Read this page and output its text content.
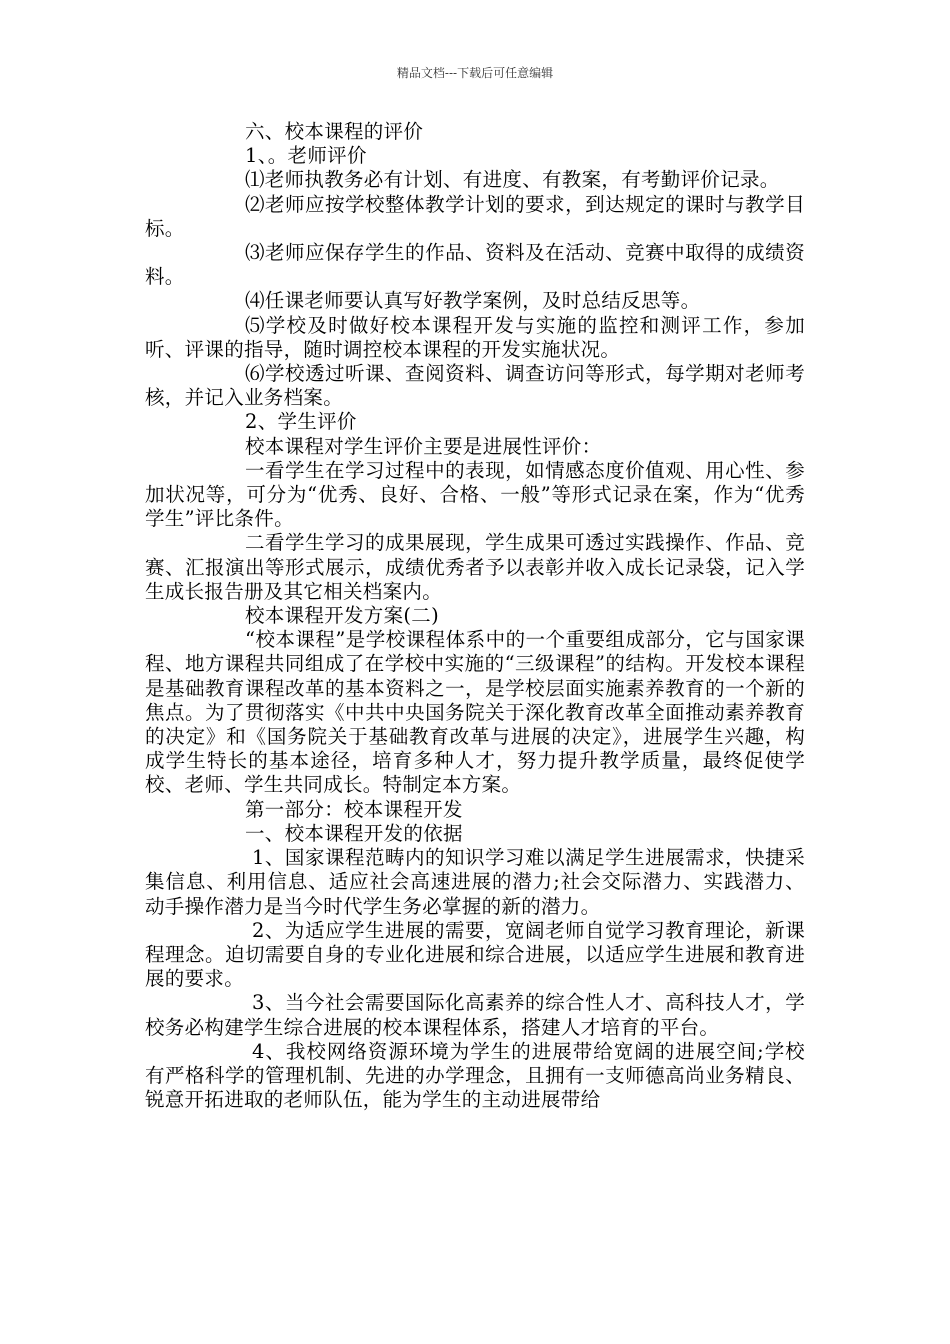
精品文档---下载后可任意编辑

六、校本课程的评价

1、。老师评价

⑴老师执教务必有计划、有进度、有教案，有考勤评价记录。

⑵老师应按学校整体教学计划的要求，到达规定的课时与教学目标。

⑶老师应保存学生的作品、资料及在活动、竞赛中取得的成绩资料。

⑷任课老师要认真写好教学案例，及时总结反思等。

⑸学校及时做好校本课程开发与实施的监控和测评工作，参加听、评课的指导，随时调控校本课程的开发实施状况。

⑹学校透过听课、查阅资料、调查访问等形式，每学期对老师考核，并记入业务档案。

2、学生评价

校本课程对学生评价主要是进展性评价：

一看学生在学习过程中的表现，如情感态度价值观、用心性、参加状况等，可分为“优秀、良好、合格、一般”等形式记录在案，作为“优秀学生”评比条件。

二看学生学习的成果展现，学生成果可透过实践操作、作品、竞赛、汇报演出等形式展示，成绩优秀者予以表彰并收入成长记录袋，记入学生成长报告册及其它相关档案内。

校本课程开发方案(二)

“校本课程”是学校课程体系中的一个重要组成部分，它与国家课程、地方课程共同组成了在学校中实施的“三级课程”的结构。开发校本课程是基础教育课程改革的基本资料之一，是学校层面实施素养教育的一个新的焦点。为了贯彻落实《中共中央国务院关于深化教育改革全面推动素养教育的决定》和《国务院关于基础教育改革与进展的决定》，进展学生兴趣，构成学生特长的基本途径，培育多种人才，努力提升教学质量，最终促使学校、老师、学生共同成长。特制定本方案。

第一部分：校本课程开发

一、校本课程开发的依据

1、国家课程范畴内的知识学习难以满足学生进展需求，快捷采集信息、利用信息、适应社会高速进展的潜力;社会交际潜力、实践潜力、动手操作潜力是当今时代学生务必掌握的新的潜力。

2、为适应学生进展的需要，宽阔老师自觉学习教育理论，新课程理念。迫切需要自身的专业化进展和综合进展，以适应学生进展和教育进展的要求。

3、当今社会需要国际化高素养的综合性人才、高科技人才，学校务必构建学生综合进展的校本课程体系，搭建人才培育的平台。

4、我校网络资源环境为学生的进展带给宽阔的进展空间;学校有严格科学的管理机制、先进的办学理念，且拥有一支师德高尚业务精良、锐意开拓进取的老师队伍，能为学生的主动进展带给
